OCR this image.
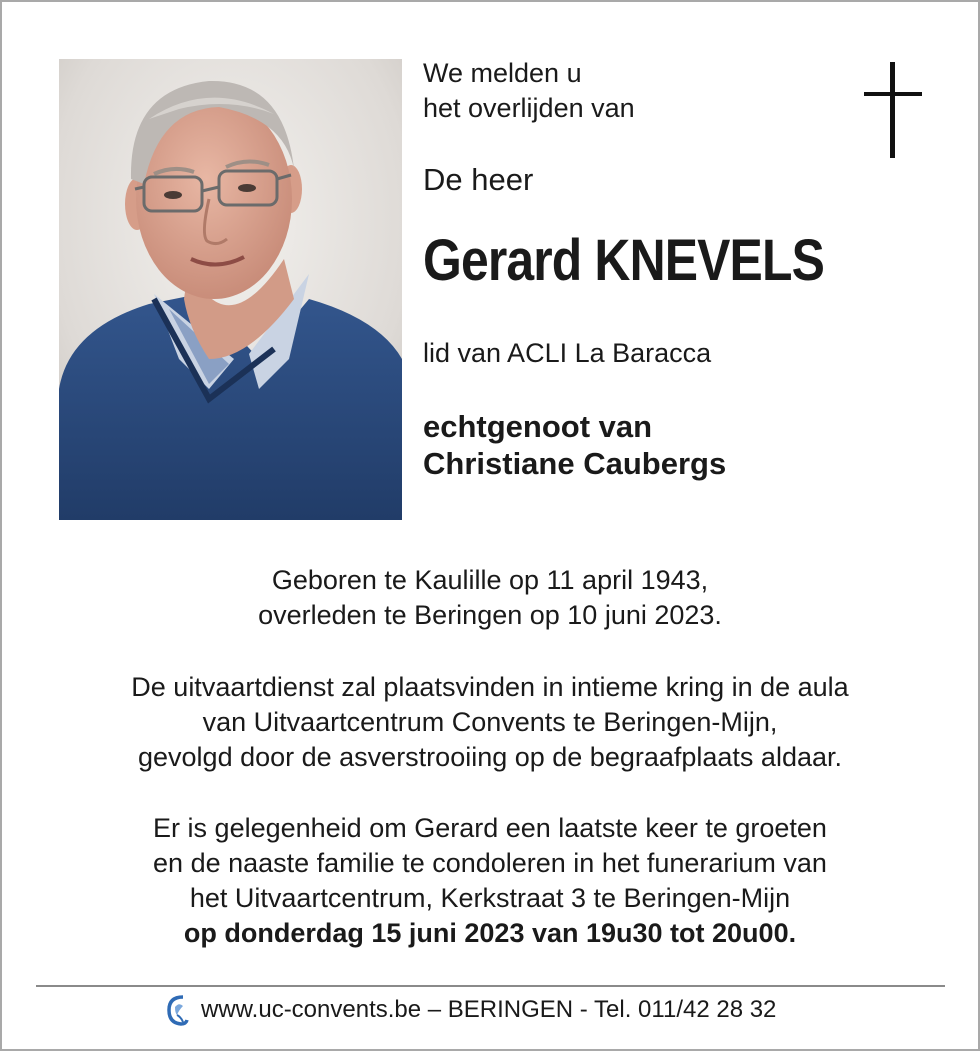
We melden u
het overlijden van
De heer
Gerard KNEVELS
lid van ACLI La Baracca
echtgenoot van
Christiane Caubergs
Geboren te Kaulille op 11 april 1943,
overleden te Beringen op 10 juni 2023.
De uitvaartdienst zal plaatsvinden in intieme kring in de aula
van Uitvaartcentrum Convents te Beringen-Mijn,
gevolgd door de asverstrooiing op de begraafplaats aldaar.
Er is gelegenheid om Gerard een laatste keer te groeten
en de naaste familie te condoleren in het funerarium van
het Uitvaartcentrum, Kerkstraat 3 te Beringen-Mijn
op donderdag 15 juni 2023 van 19u30 tot 20u00.
www.uc-convents.be – BERINGEN - Tel. 011/42 28 32
